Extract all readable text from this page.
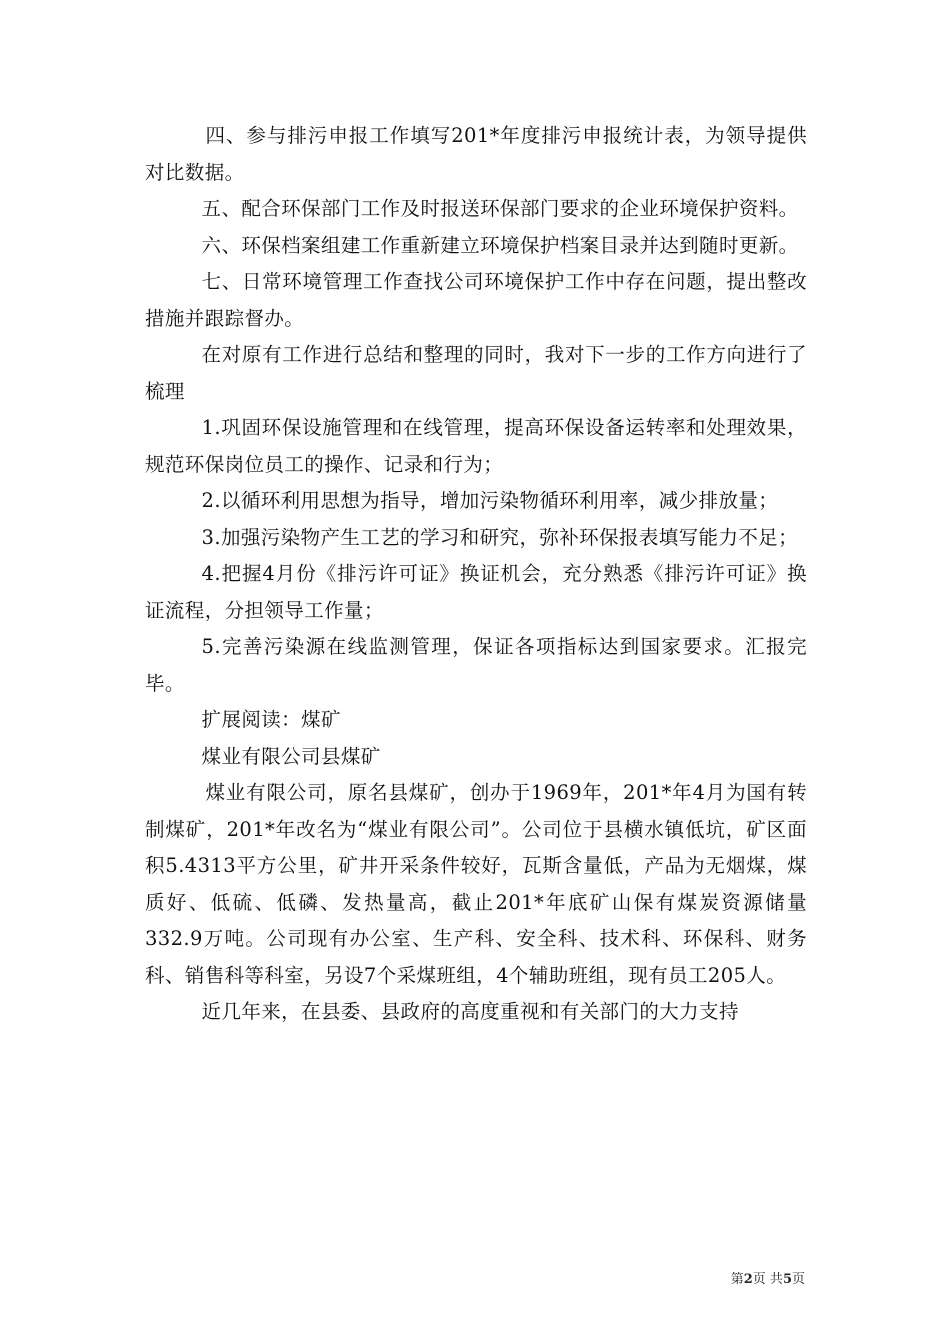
四、参与排污申报工作填写201*年度排污申报统计表，为领导提供对比数据。

五、配合环保部门工作及时报送环保部门要求的企业环境保护资料。

六、环保档案组建工作重新建立环境保护档案目录并达到随时更新。

七、日常环境管理工作查找公司环境保护工作中存在问题，提出整改措施并跟踪督办。

在对原有工作进行总结和整理的同时，我对下一步的工作方向进行了梳理

1.巩固环保设施管理和在线管理，提高环保设备运转率和处理效果，规范环保岗位员工的操作、记录和行为；

2.以循环利用思想为指导，增加污染物循环利用率，减少排放量；

3.加强污染物产生工艺的学习和研究，弥补环保报表填写能力不足；

4.把握4月份《排污许可证》换证机会，充分熟悉《排污许可证》换证流程，分担领导工作量；

5.完善污染源在线监测管理，保证各项指标达到国家要求。汇报完毕。

扩展阅读：煤矿

煤业有限公司县煤矿

煤业有限公司，原名县煤矿，创办于1969年，201*年4月为国有转制煤矿，201*年改名为“煤业有限公司”。公司位于县横水镇低坑，矿区面积5.4313平方公里，矿井开采条件较好，瓦斯含量低，产品为无烟煤，煤质好、低硫、低磷、发热量高，截止201*年底矿山保有煤炭资源储量332.9万吨。公司现有办公室、生产科、安全科、技术科、环保科、财务科、销售科等科室，另设7个采煤班组，4个辅助班组，现有员工205人。

近几年来，在县委、县政府的高度重视和有关部门的大力支持

第2页 共5页
